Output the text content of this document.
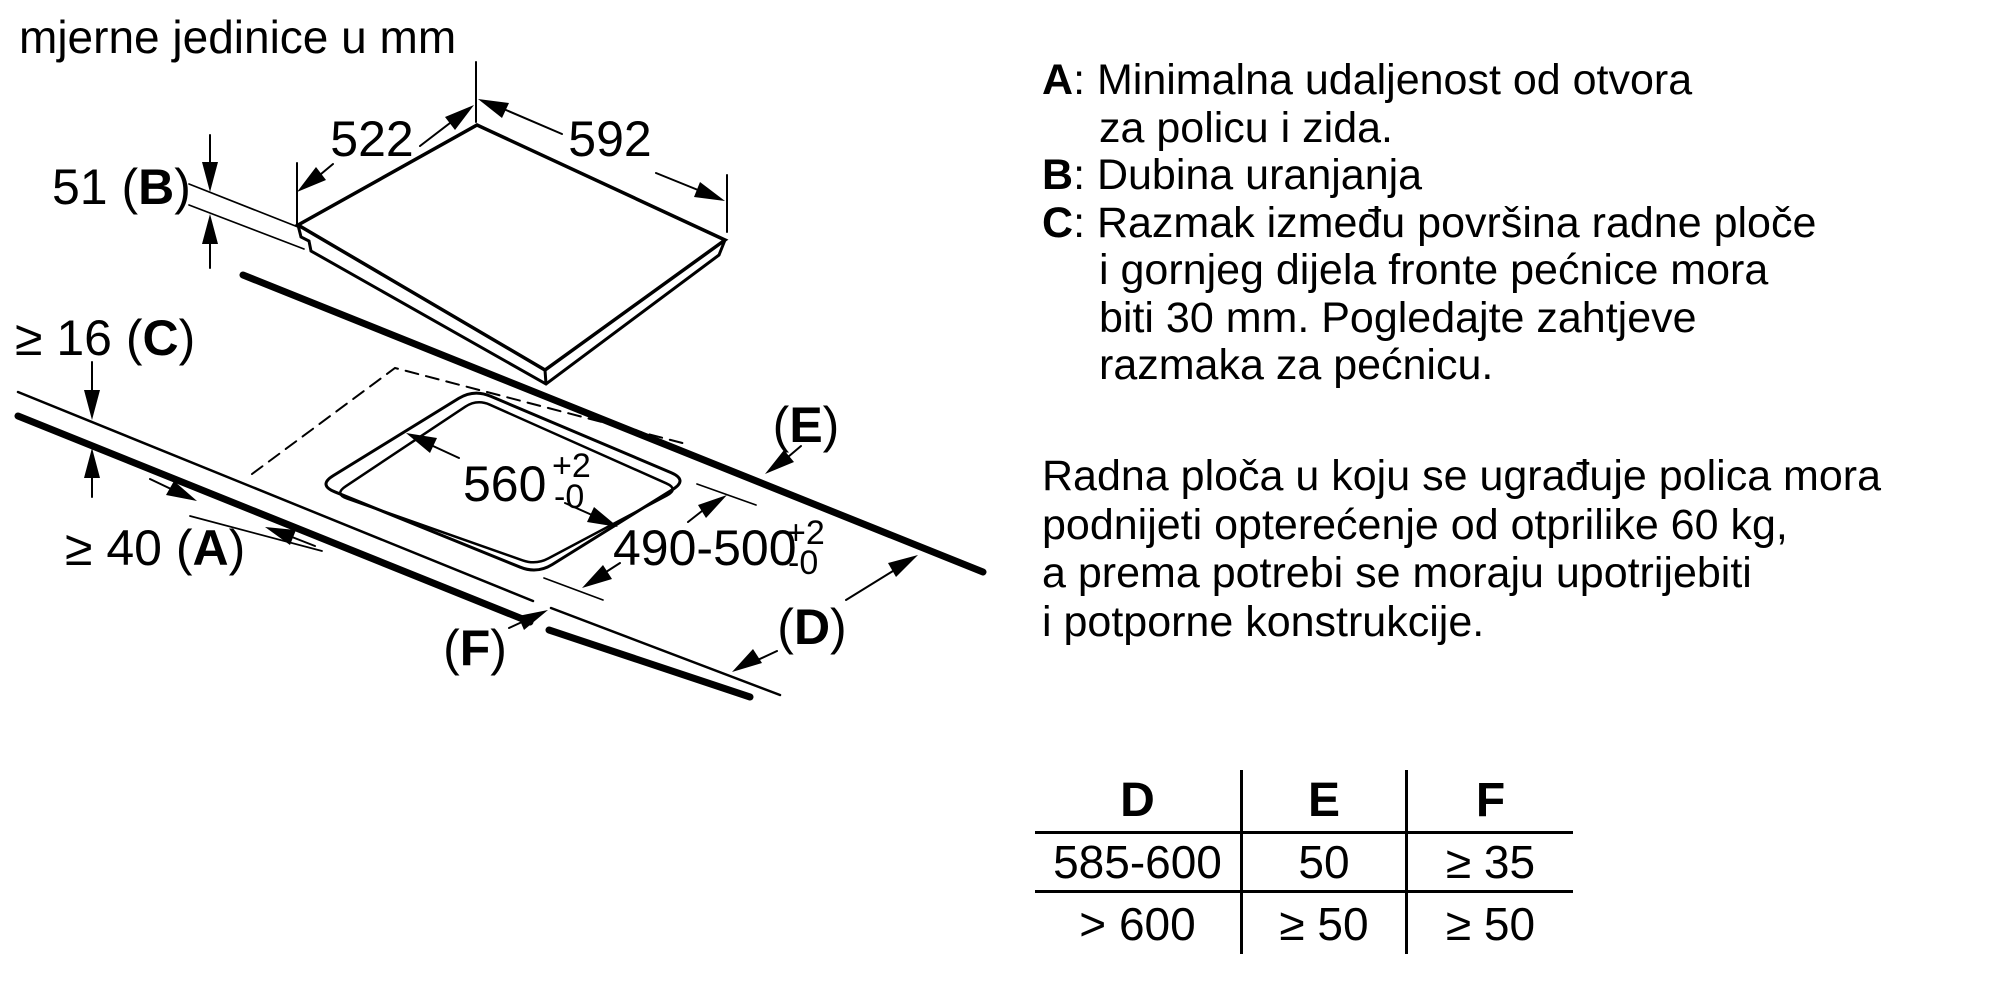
mjerne jedinice u mm
522	592
51 (B)
≥ 16 (C)
≥ 40 (A)
(E)
(D)
(F)
560 +2
-0
490-500
+2
-0
A: Minimalna udaljenost od otvora
za policu i zida.
B: Dubina uranjanja
C: Razmak između površina radne ploče
i gornjeg dijela fronte pećnice mora
biti 30 mm. Pogledajte zahtjeve
razmaka za pećnicu.
Radna ploča u koju se ugrađuje polica mora
podnijeti opterećenje od otprilike 60 kg,
a prema potrebi se moraju upotrijebiti
i potporne konstrukcije.
D	E	F
585-600	50	≥ 35
> 600	≥ 50	≥ 50
